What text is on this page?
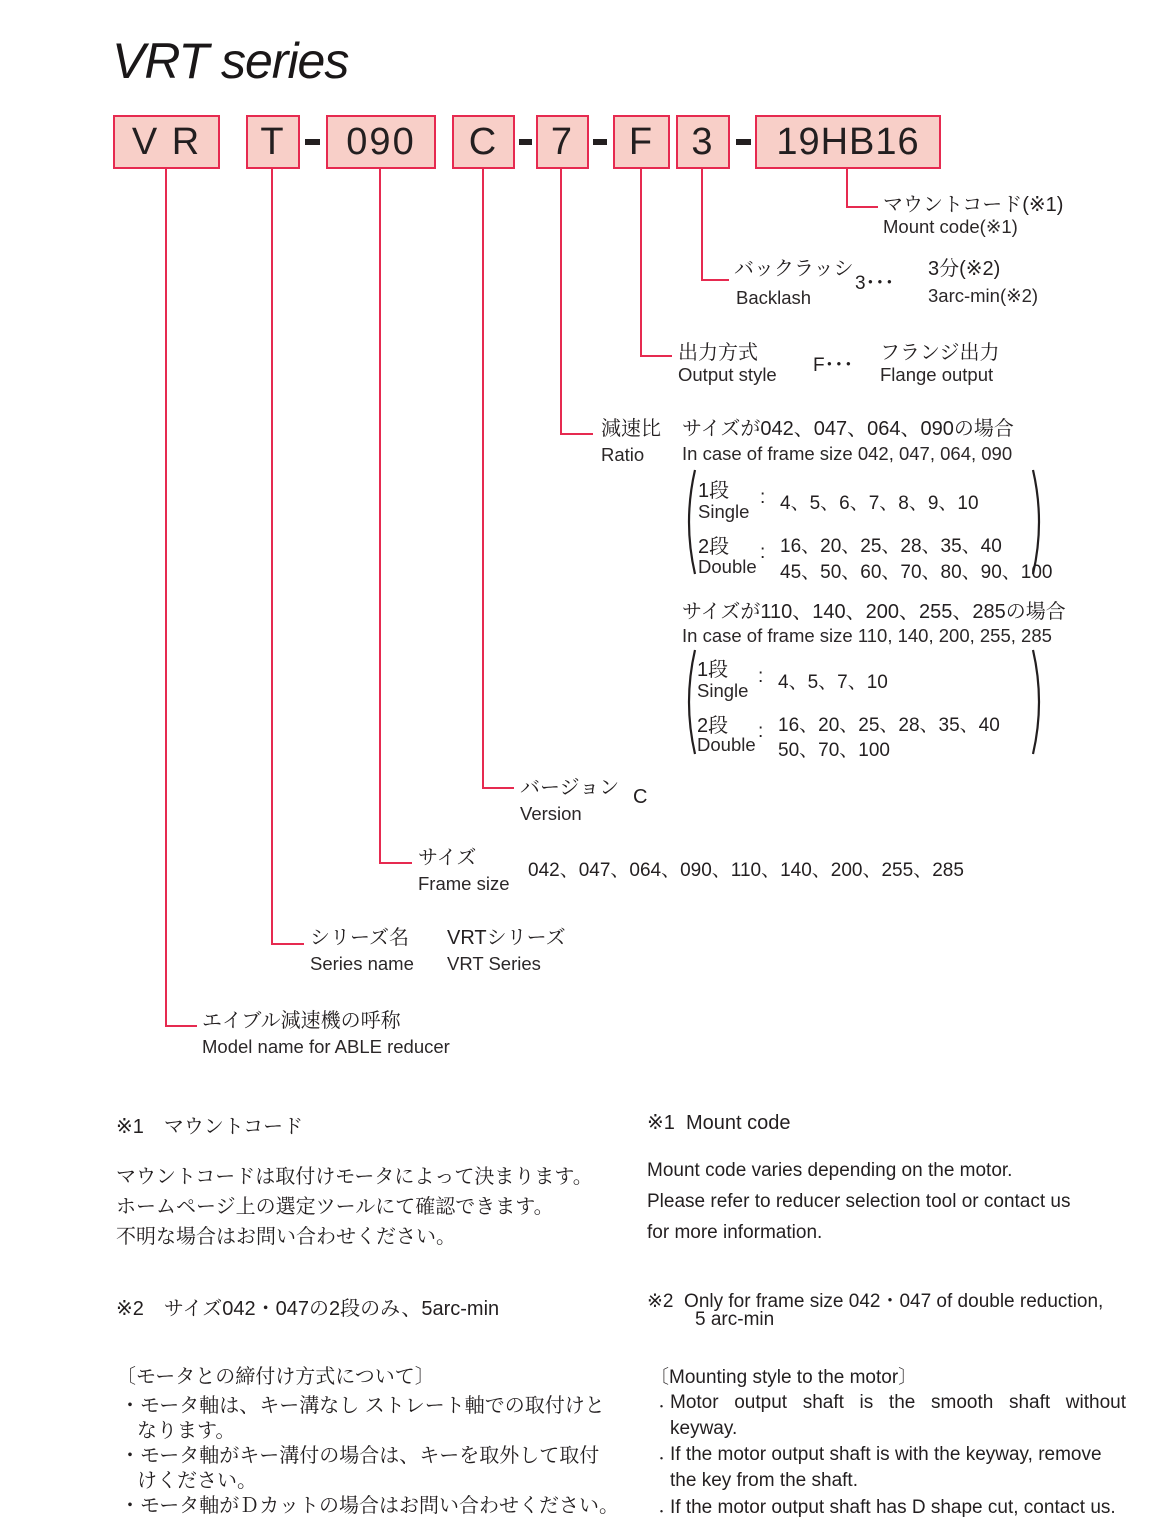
VRT series
V R	T	090	C	7	F 3	19HB16
マウントコード(※1)
Mount code(※1)
バックラッシ
Backlash
3･･･
3分(※2)
3arc-min(※2)
出力方式
Output style F･･･
フランジ出力
Flange output
減速比
Ratio
サイズが042、047、064、090の場合
In case of frame size 042, 047, 064, 090
1段
Single
: 4、5、6、7、8、9、10
2段
Double
: 16、20、25、28、35、40
45、50、60、70、80、90、100
サイズが110、140、200、255、285の場合
In case of frame size 110, 140, 200, 255, 285
1段
Single
: 4、5、7、10
2段
Double
: 16、20、25、28、35、40
50、70、100
バージョン
Version
C
サイズ
Frame size
042、047、064、090、110、140、200、255、285
シリーズ名
Series name
VRTシリーズ
VRT Series
エイブル減速機の呼称
Model name for ABLE reducer
※1　マウントコード
マウントコードは取付けモータによって決まります。
ホームページ上の選定ツールにて確認できます。
不明な場合はお問い合わせください。
※2　サイズ042・047の2段のみ、5arc-min
〔モータとの締付け方式について〕
・モータ軸は、キー溝なし ストレート軸での取付けと
なります。
・モータ軸がキー溝付の場合は、キーを取外して取付
けください。
・モータ軸がＤカットの場合はお問い合わせください。
※1  Mount code
Mount code varies depending on the motor.
Please refer to reducer selection tool or contact us
for more information.
※2  Only for frame size 042・047 of double reduction,
5 arc-min
〔Mounting style to the motor〕
・ Motor output shaft is the smooth shaft without
keyway.
・ If the motor output shaft is with the keyway, remove
the key from the shaft.
・ If the motor output shaft has D shape cut, contact us.
